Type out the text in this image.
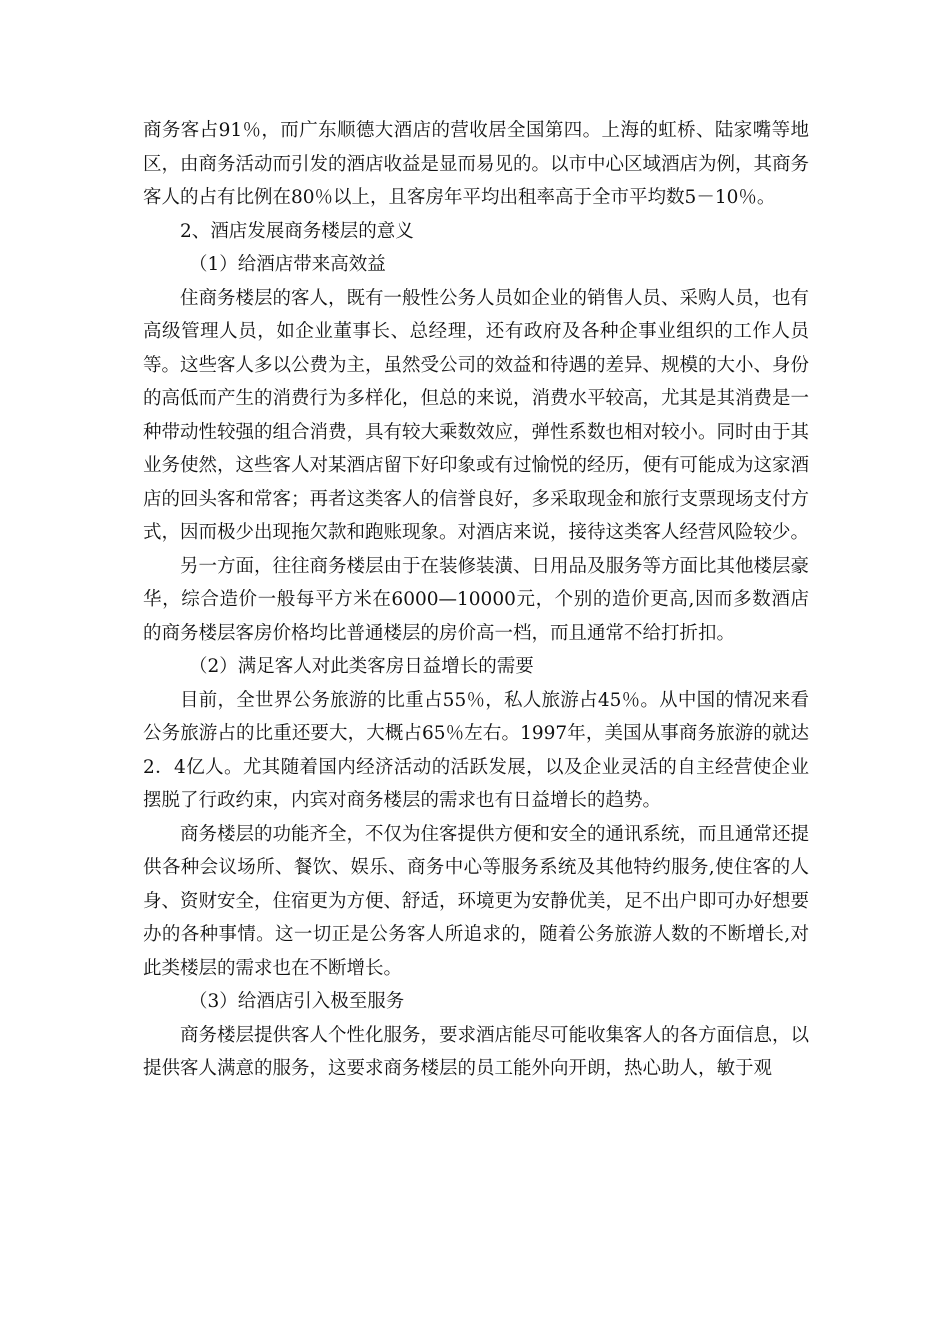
商务客占91％，而广东顺德大酒店的营收居全国第四。上海的虹桥、陆家嘴等地区，由商务活动而引发的酒店收益是显而易见的。以市中心区域酒店为例，其商务客人的占有比例在80％以上，且客房年平均出租率高于全市平均数5－10％。

2、酒店发展商务楼层的意义

（1）给酒店带来高效益

住商务楼层的客人，既有一般性公务人员如企业的销售人员、采购人员，也有高级管理人员，如企业董事长、总经理，还有政府及各种企事业组织的工作人员等。这些客人多以公费为主，虽然受公司的效益和待遇的差异、规模的大小、身份的高低而产生的消费行为多样化，但总的来说，消费水平较高，尤其是其消费是一种带动性较强的组合消费，具有较大乘数效应，弹性系数也相对较小。同时由于其业务使然，这些客人对某酒店留下好印象或有过愉悦的经历，便有可能成为这家酒店的回头客和常客；再者这类客人的信誉良好，多采取现金和旅行支票现场支付方式，因而极少出现拖欠款和跑账现象。对酒店来说，接待这类客人经营风险较少。

另一方面，往往商务楼层由于在装修装潢、日用品及服务等方面比其他楼层豪华，综合造价一般每平方米在6000—10000元，个别的造价更高,因而多数酒店的商务楼层客房价格均比普通楼层的房价高一档，而且通常不给打折扣。

（2）满足客人对此类客房日益增长的需要

目前，全世界公务旅游的比重占55％，私人旅游占45％。从中国的情况来看公务旅游占的比重还要大，大概占65％左右。1997年，美国从事商务旅游的就达2．4亿人。尤其随着国内经济活动的活跃发展，以及企业灵活的自主经营使企业摆脱了行政约束，内宾对商务楼层的需求也有日益增长的趋势。

商务楼层的功能齐全，不仅为住客提供方便和安全的通讯系统，而且通常还提供各种会议场所、餐饮、娱乐、商务中心等服务系统及其他特约服务,使住客的人身、资财安全，住宿更为方便、舒适，环境更为安静优美，足不出户即可办好想要办的各种事情。这一切正是公务客人所追求的，随着公务旅游人数的不断增长,对此类楼层的需求也在不断增长。

（3）给酒店引入极至服务

商务楼层提供客人个性化服务，要求酒店能尽可能收集客人的各方面信息，以提供客人满意的服务，这要求商务楼层的员工能外向开朗，热心助人，敏于观
